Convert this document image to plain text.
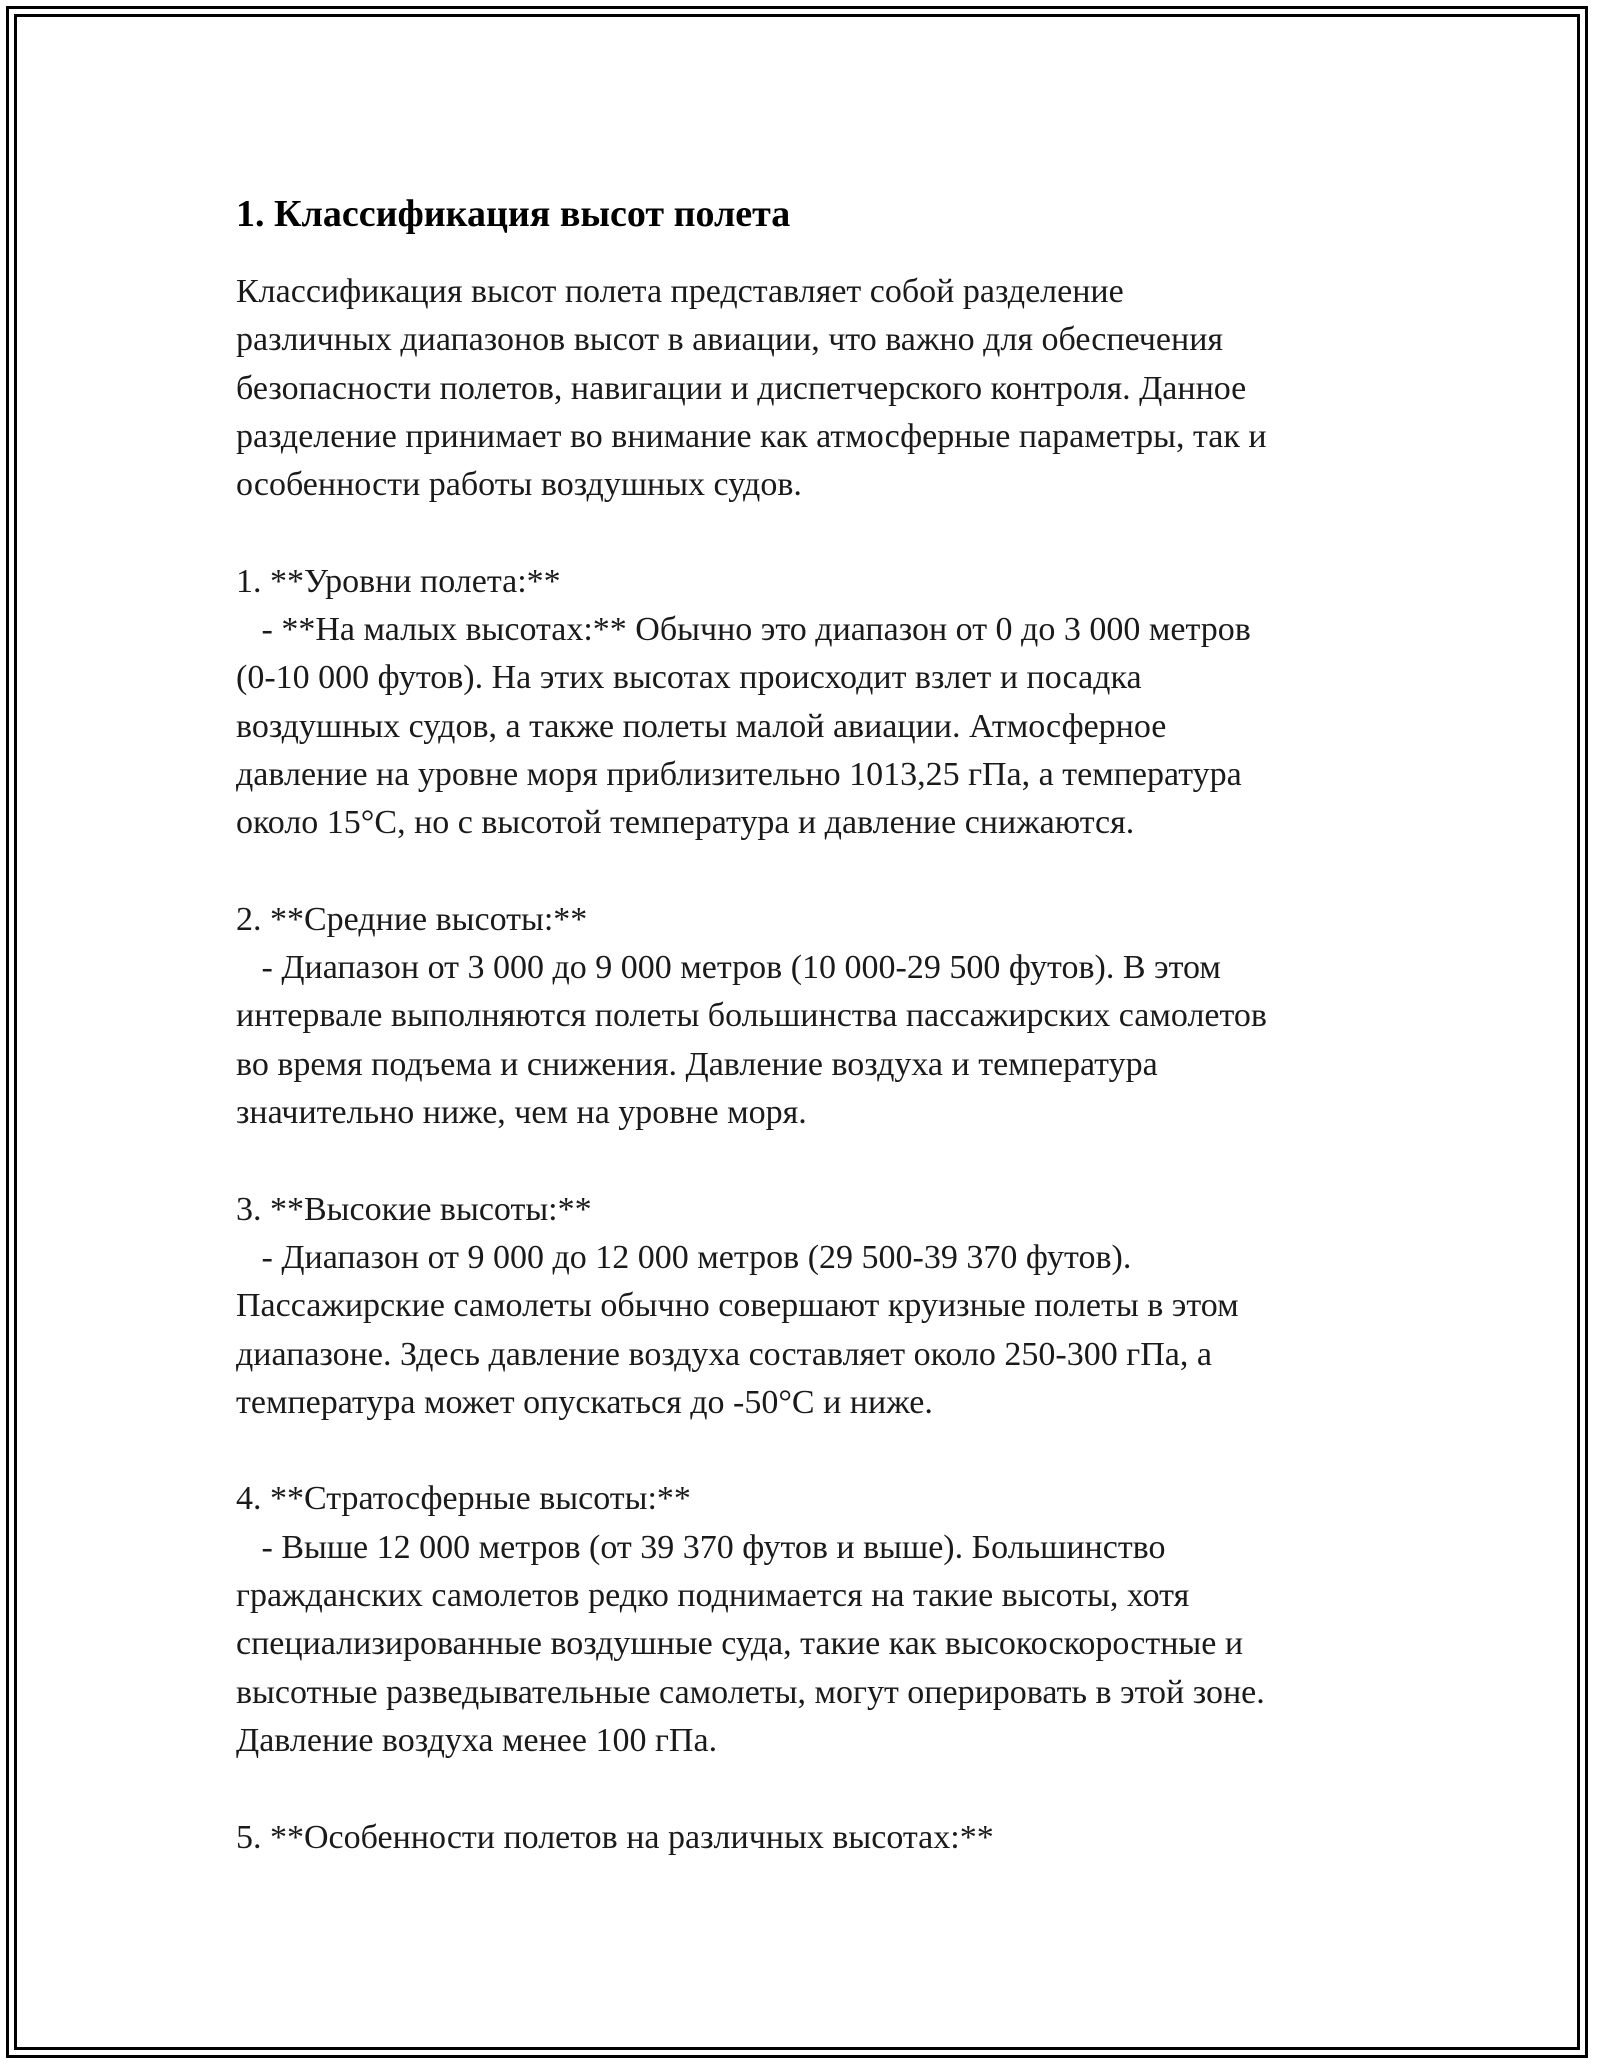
1. Классификация высот полета
Классификация высот полета представляет собой разделение
различных диапазонов высот в авиации, что важно для обеспечения
безопасности полетов, навигации и диспетчерского контроля. Данное
разделение принимает во внимание как атмосферные параметры, так и
особенности работы воздушных судов.

1. **Уровни полета:**
- **На малых высотах:** Обычно это диапазон от 0 до 3 000 метров
(0-10 000 футов). На этих высотах происходит взлет и посадка
воздушных судов, а также полеты малой авиации. Атмосферное
давление на уровне моря приблизительно 1013,25 гПа, а температура
около 15°C, но с высотой температура и давление снижаются.

2. **Средние высоты:**
- Диапазон от 3 000 до 9 000 метров (10 000-29 500 футов). В этом
интервале выполняются полеты большинства пассажирских самолетов
во время подъема и снижения. Давление воздуха и температура
значительно ниже, чем на уровне моря.

3. **Высокие высоты:**
- Диапазон от 9 000 до 12 000 метров (29 500-39 370 футов).
Пассажирские самолеты обычно совершают круизные полеты в этом
диапазоне. Здесь давление воздуха составляет около 250-300 гПа, а
температура может опускаться до -50°C и ниже.

4. **Стратосферные высоты:**
- Выше 12 000 метров (от 39 370 футов и выше). Большинство
гражданских самолетов редко поднимается на такие высоты, хотя
специализированные воздушные суда, такие как высокоскоростные и
высотные разведывательные самолеты, могут оперировать в этой зоне.
Давление воздуха менее 100 гПа.

5. **Особенности полетов на различных высотах:**
